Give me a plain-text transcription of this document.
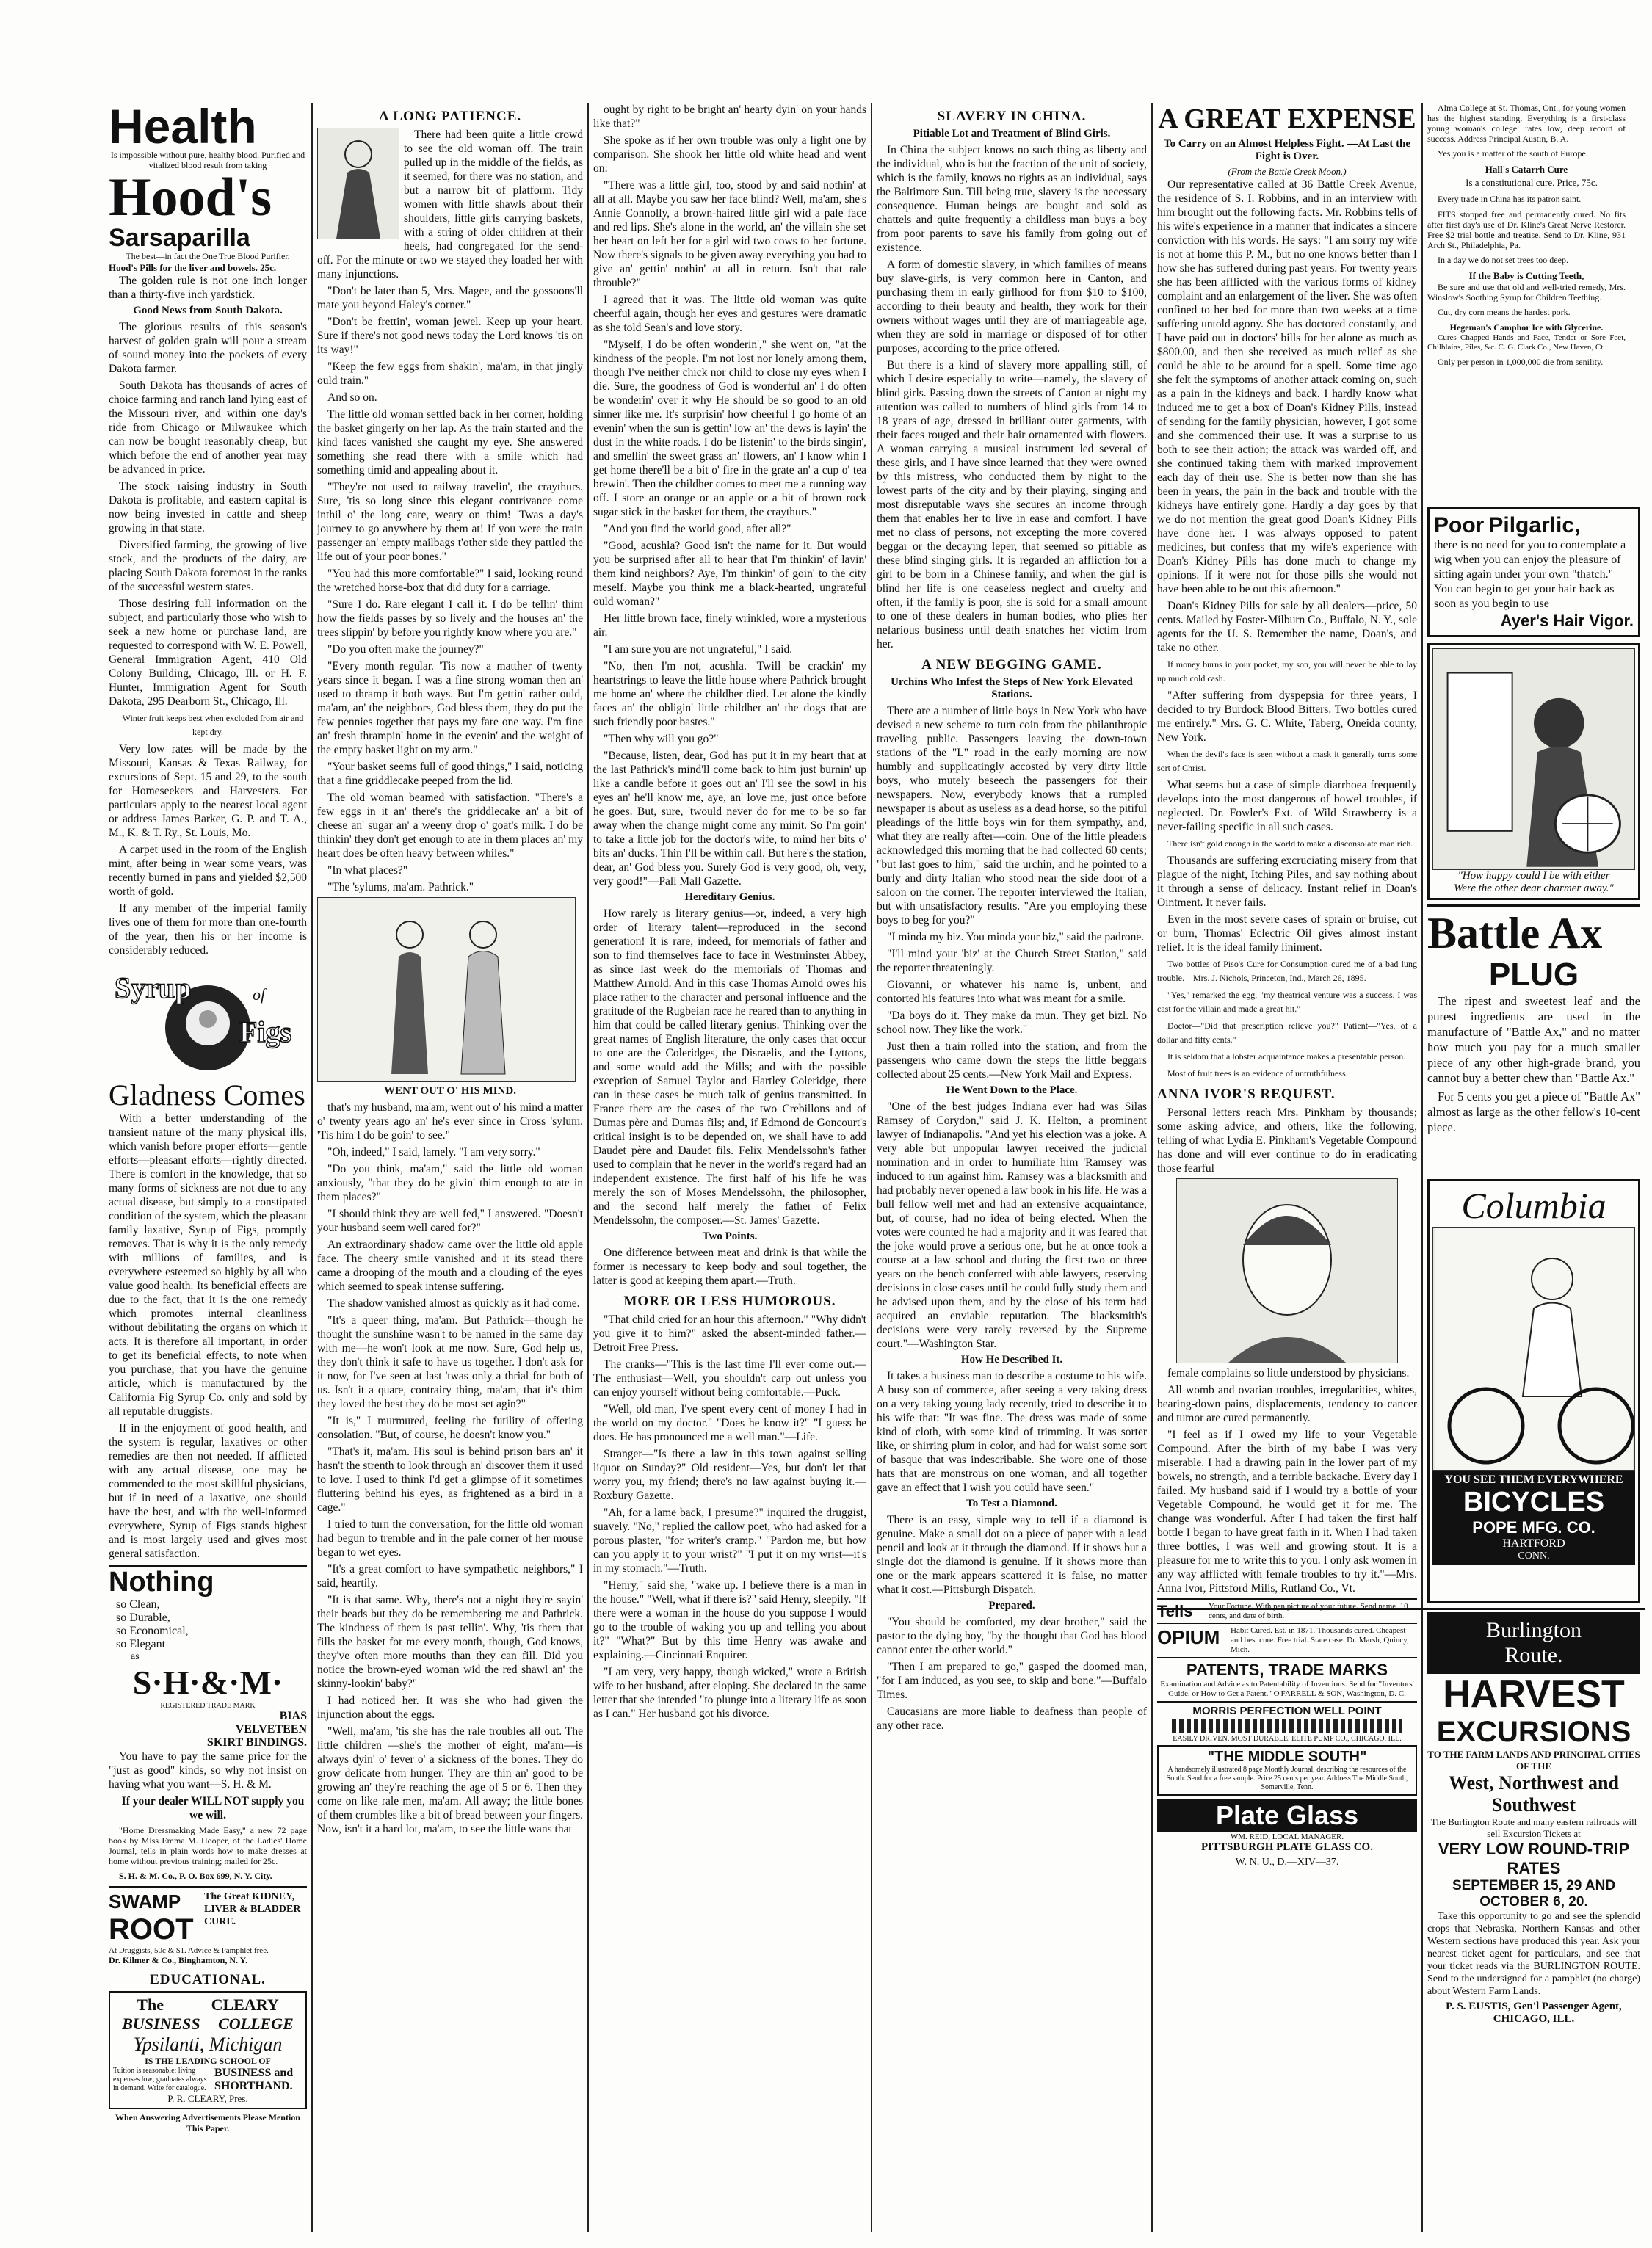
Health
Is impossible without pure, healthy blood. Purified and vitalized blood result from taking
Hood's
Sarsaparilla
The best—in fact the One True Blood Purifier.
Hood's Pills for the liver and bowels. 25c.

The golden rule is not one inch longer than a thirty-five inch yardstick.

Good News from South Dakota.

The glorious results of this season's harvest of golden grain will pour a stream of sound money into the pockets of every Dakota farmer.

South Dakota has thousands of acres of choice farming and ranch land lying east of the Missouri river, and within one day's ride from Chicago or Milwaukee which can now be bought reasonably cheap, but which before the end of another year may be advanced in price.

The stock raising industry in South Dakota is profitable, and eastern capital is now being invested in cattle and sheep growing in that state.

Diversified farming, the growing of live stock, and the products of the dairy, are placing South Dakota foremost in the ranks of the successful western states.

Those desiring full information on the subject, and particularly those who wish to seek a new home or purchase land, are requested to correspond with W. E. Powell, General Immigration Agent, 410 Old Colony Building, Chicago, Ill. or H. F. Hunter, Immigration Agent for South Dakota, 295 Dearborn St., Chicago, Ill.

Winter fruit keeps best when excluded from air and kept dry.

Very low rates will be made by the Missouri, Kansas & Texas Railway, for excursions of Sept. 15 and 29, to the south for Homeseekers and Harvesters. For particulars apply to the nearest local agent or address James Barker, G. P. and T. A., M., K. & T. Ry., St. Louis, Mo.

A carpet used in the room of the English mint, after being in wear some years, was recently burned in pans and yielded $2,500 worth of gold.

If any member of the imperial family lives one of them for more than one-fourth of the year, then his or her income is considerably reduced.

Syrup	of
Figs
Gladness Comes

With a better understanding of the transient nature of the many physical ills, which vanish before proper efforts—gentle efforts—pleasant efforts—rightly directed. There is comfort in the knowledge, that so many forms of sickness are not due to any actual disease, but simply to a constipated condition of the system, which the pleasant family laxative, Syrup of Figs, promptly removes. That is why it is the only remedy with millions of families, and is everywhere esteemed so highly by all who value good health. Its beneficial effects are due to the fact, that it is the one remedy which promotes internal cleanliness without debilitating the organs on which it acts. It is therefore all important, in order to get its beneficial effects, to note when you purchase, that you have the genuine article, which is manufactured by the California Fig Syrup Co. only and sold by all reputable druggists.

If in the enjoyment of good health, and the system is regular, laxatives or other remedies are then not needed. If afflicted with any actual disease, one may be commended to the most skillful physicians, but if in need of a laxative, one should have the best, and with the well-informed everywhere, Syrup of Figs stands highest and is most largely used and gives most general satisfaction.

Nothing
so Clean,
so Durable,
so Economical,
so Elegant
as
S·H·&·M·
REGISTERED TRADE MARK
BIAS
VELVETEEN
SKIRT BINDINGS.

You have to pay the same price for the "just as good" kinds, so why not insist on having what you want—S. H. & M.

If your dealer WILL NOT supply you we will.

"Home Dressmaking Made Easy," a new 72 page book by Miss Emma M. Hooper, of the Ladies' Home Journal, tells in plain words how to make dresses at home without previous training; mailed for 25c.

S. H. & M. Co., P. O. Box 699, N. Y. City.

SWAMP
ROOT
The Great KIDNEY, LIVER & BLADDER CURE.
At Druggists, 50c & $1. Advice & Pamphlet free.
Dr. Kilmer & Co., Binghamton, N. Y.
EDUCATIONAL.
The	CLEARY
BUSINESS COLLEGE
Ypsilanti, Michigan
IS THE LEADING SCHOOL OF
Tuition is reasonable; living expenses low; graduates always in demand. Write for catalogue.
BUSINESS and SHORTHAND.
P. R. CLEARY, Pres.
When Answering Advertisements Please Mention This Paper.
A LONG PATIENCE.

There had been quite a little crowd to see the old woman off. The train pulled up in the middle of the fields, as it seemed, for there was no station, and but a narrow bit of platform. Tidy women with little shawls about their shoulders, little girls carrying baskets, with a string of older children at their heels, had congregated for the send-off. For the minute or two we stayed they loaded her with many injunctions.

"Don't be later than 5, Mrs. Magee, and the gossoons'll mate you beyond Haley's corner."

"Don't be frettin', woman jewel. Keep up your heart. Sure if there's not good news today the Lord knows 'tis on its way!"

"Keep the few eggs from shakin', ma'am, in that jingly ould train."

And so on.

The little old woman settled back in her corner, holding the basket gingerly on her lap. As the train started and the kind faces vanished she caught my eye. She answered something she read there with a smile which had something timid and appealing about it.

"They're not used to railway travelin', the craythurs. Sure, 'tis so long since this elegant contrivance come inthil o' the long care, weary on thim! 'Twas a day's journey to go anywhere by them at! If you were the train passenger an' empty mailbags t'other side they pattled the life out of your poor bones."

"You had this more comfortable?" I said, looking round the wretched horse-box that did duty for a carriage.

"Sure I do. Rare elegant I call it. I do be tellin' thim how the fields passes by so lively and the houses an' the trees slippin' by before you rightly know where you are."

"Do you often make the journey?"

"Every month regular. 'Tis now a matther of twenty years since it began. I was a fine strong woman then an' used to thramp it both ways. But I'm gettin' rather ould, ma'am, an' the neighbors, God bless them, they do put the few pennies together that pays my fare one way. I'm fine an' fresh thrampin' home in the evenin' and the weight of the empty basket light on my arm."

"Your basket seems full of good things," I said, noticing that a fine griddlecake peeped from the lid.

The old woman beamed with satisfaction. "There's a few eggs in it an' there's the griddlecake an' a bit of cheese an' sugar an' a weeny drop o' goat's milk. I do be thinkin' they don't get enough to ate in them places an' my heart does be often heavy between whiles."

"In what places?"

"The 'sylums, ma'am. Pathrick."

WENT OUT O' HIS MIND.

that's my husband, ma'am, went out o' his mind a matter o' twenty years ago an' he's ever since in Cross 'sylum. 'Tis him I do be goin' to see."

"Oh, indeed," I said, lamely. "I am very sorry."

"Do you think, ma'am," said the little old woman anxiously, "that they do be givin' thim enough to ate in them places?"

"I should think they are well fed," I answered. "Doesn't your husband seem well cared for?"

An extraordinary shadow came over the little old apple face. The cheery smile vanished and it its stead there came a drooping of the mouth and a clouding of the eyes which seemed to speak intense suffering.

The shadow vanished almost as quickly as it had come.

"It's a queer thing, ma'am. But Pathrick—though he thought the sunshine wasn't to be named in the same day with me—he won't look at me now. Sure, God help us, they don't think it safe to have us together. I don't ask for it now, for I've seen at last 'twas only a thrial for both of us. Isn't it a quare, contrairy thing, ma'am, that it's thim they loved the best they do be most set agin?"

"It is," I murmured, feeling the futility of offering consolation. "But, of course, he doesn't know you."

"That's it, ma'am. His soul is behind prison bars an' it hasn't the strenth to look through an' discover them it used to love. I used to think I'd get a glimpse of it sometimes fluttering behind his eyes, as frightened as a bird in a cage."

I tried to turn the conversation, for the little old woman had begun to tremble and in the pale corner of her mouse began to wet eyes.

"It's a great comfort to have sympathetic neighbors," I said, heartily.

"It is that same. Why, there's not a night they're sayin' their beads but they do be remembering me and Pathrick. The kindness of them is past tellin'. Why, 'tis them that fills the basket for me every month, though, God knows, they've often more mouths than they can fill. Did you notice the brown-eyed woman wid the red shawl an' the skinny-lookin' baby?"

I had noticed her. It was she who had given the injunction about the eggs.

"Well, ma'am, 'tis she has the rale troubles all out. The little children —she's the mother of eight, ma'am—is always dyin' o' fever o' a sickness of the bones. They do grow delicate from hunger. They are thin an' good to be growing an' they're reaching the age of 5 or 6. Then they come on like rale men, ma'am. All away; the little bones of them crumbles like a bit of bread between your fingers. Now, isn't it a hard lot, ma'am, to see the little wans that

ought by right to be bright an' hearty dyin' on your hands like that?"

She spoke as if her own trouble was only a light one by comparison. She shook her little old white head and went on:

"There was a little girl, too, stood by and said nothin' at all at all. Maybe you saw her face blind? Well, ma'am, she's Annie Connolly, a brown-haired little girl wid a pale face and red lips. She's alone in the world, an' the villain she set her heart on left her for a girl wid two cows to her fortune. Now there's signals to be given away everything you had to give an' gettin' nothin' at all in return. Isn't that rale throuble?"

I agreed that it was. The little old woman was quite cheerful again, though her eyes and gestures were dramatic as she told Sean's and love story.

"Myself, I do be often wonderin'," she went on, "at the kindness of the people. I'm not lost nor lonely among them, though I've neither chick nor child to close my eyes when I die. Sure, the goodness of God is wonderful an' I do often be wonderin' over it why He should be so good to an old sinner like me. It's surprisin' how cheerful I go home of an evenin' when the sun is gettin' low an' the dews is layin' the dust in the white roads. I do be listenin' to the birds singin', and smellin' the sweet grass an' flowers, an' I know whin I get home there'll be a bit o' fire in the grate an' a cup o' tea brewin'. Then the childher comes to meet me a running way off. I store an orange or an apple or a bit of brown rock sugar stick in the basket for them, the craythurs."

"And you find the world good, after all?"

"Good, acushla? Good isn't the name for it. But would you be surprised after all to hear that I'm thinkin' of lavin' them kind neighbors? Aye, I'm thinkin' of goin' to the city meself. Maybe you think me a black-hearted, ungrateful ould woman?"

Her little brown face, finely wrinkled, wore a mysterious air.

"I am sure you are not ungrateful," I said.

"No, then I'm not, acushla. 'Twill be crackin' my heartstrings to leave the little house where Pathrick brought me home an' where the childher died. Let alone the kindly faces an' the obligin' little childher an' the dogs that are such friendly poor bastes."

"Then why will you go?"

"Because, listen, dear, God has put it in my heart that at the last Pathrick's mind'll come back to him just burnin' up like a candle before it goes out an' I'll see the sowl in his eyes an' he'll know me, aye, an' love me, just once before he goes. But, sure, 'twould never do for me to be so far away when the change might come any minit. So I'm goin' to take a little job for the doctor's wife, to mind her bits o' bits an' ducks. Thin I'll be within call. But here's the station, dear, an' God bless you. Surely God is very good, oh, very, very good!"—Pall Mall Gazette.

Hereditary Genius.

How rarely is literary genius—or, indeed, a very high order of literary talent—reproduced in the second generation! It is rare, indeed, for memorials of father and son to find themselves face to face in Westminster Abbey, as since last week do the memorials of Thomas and Matthew Arnold. And in this case Thomas Arnold owes his place rather to the character and personal influence and the gratitude of the Rugbeian race he reared than to anything in him that could be called literary genius. Thinking over the great names of English literature, the only cases that occur to one are the Coleridges, the Disraelis, and the Lyttons, and some would add the Mills; and with the possible exception of Samuel Taylor and Hartley Coleridge, there can in these cases be much talk of genius transmitted. In France there are the cases of the two Crebillons and of Dumas père and Dumas fils; and, if Edmond de Goncourt's critical insight is to be depended on, we shall have to add Daudet père and Daudet fils. Felix Mendelssohn's father used to complain that he never in the world's regard had an independent existence. The first half of his life he was merely the son of Moses Mendelssohn, the philosopher, and the second half merely the father of Felix Mendelssohn, the composer.—St. James' Gazette.

Two Points.

One difference between meat and drink is that while the former is necessary to keep body and soul together, the latter is good at keeping them apart.—Truth.

MORE OR LESS HUMOROUS.

"That child cried for an hour this afternoon." "Why didn't you give it to him?" asked the absent-minded father.—Detroit Free Press.

The cranks—"This is the last time I'll ever come out.—The enthusiast—Well, you shouldn't carp out unless you can enjoy yourself without being comfortable.—Puck.

"Well, old man, I've spent every cent of money I had in the world on my doctor." "Does he know it?" "I guess he does. He has pronounced me a well man."—Life.

Stranger—"Is there a law in this town against selling liquor on Sunday?" Old resident—Yes, but don't let that worry you, my friend; there's no law against buying it.—Roxbury Gazette.

"Ah, for a lame back, I presume?" inquired the druggist, suavely. "No," replied the callow poet, who had asked for a porous plaster, "for writer's cramp." "Pardon me, but how can you apply it to your wrist?" "I put it on my wrist—it's in my stomach."—Truth.

"Henry," said she, "wake up. I believe there is a man in the house." "Well, what if there is?" said Henry, sleepily. "If there were a woman in the house do you suppose I would go to the trouble of waking you up and telling you about it?" "What?" But by this time Henry was awake and explaining.—Cincinnati Enquirer.

"I am very, very happy, though wicked," wrote a British wife to her husband, after eloping. She declared in the same letter that she intended "to plunge into a literary life as soon as I can." Her husband got his divorce.

SLAVERY IN CHINA.
Pitiable Lot and Treatment of Blind Girls.

In China the subject knows no such thing as liberty and the individual, who is but the fraction of the unit of society, which is the family, knows no rights as an individual, says the Baltimore Sun. Till being true, slavery is the necessary consequence. Human beings are bought and sold as chattels and quite frequently a childless man buys a boy from poor parents to save his family from going out of existence.

A form of domestic slavery, in which families of means buy slave-girls, is very common here in Canton, and purchasing them in early girlhood for from $10 to $100, according to their beauty and health, they work for their owners without wages until they are of marriageable age, when they are sold in marriage or disposed of for other purposes, according to the price offered.

But there is a kind of slavery more appalling still, of which I desire especially to write—namely, the slavery of blind girls. Passing down the streets of Canton at night my attention was called to numbers of blind girls from 14 to 18 years of age, dressed in brilliant outer garments, with their faces rouged and their hair ornamented with flowers. A woman carrying a musical instrument led several of these girls, and I have since learned that they were owned by this mistress, who conducted them by night to the lowest parts of the city and by their playing, singing and most disreputable ways she secures an income through them that enables her to live in ease and comfort. I have met no class of persons, not excepting the more covered beggar or the decaying leper, that seemed so pitiable as these blind singing girls. It is regarded an affliction for a girl to be born in a Chinese family, and when the girl is blind her life is one ceaseless neglect and cruelty and often, if the family is poor, she is sold for a small amount to one of these dealers in human bodies, who plies her nefarious business until death snatches her victim from her.

A NEW BEGGING GAME.
Urchins Who Infest the Steps of New York Elevated Stations.

There are a number of little boys in New York who have devised a new scheme to turn coin from the philanthropic traveling public. Passengers leaving the down-town stations of the "L" road in the early morning are now humbly and supplicatingly accosted by very dirty little boys, who mutely beseech the passengers for their newspapers. Now, everybody knows that a rumpled newspaper is about as useless as a dead horse, so the pitiful pleadings of the little boys win for them sympathy, and, what they are really after—coin. One of the little pleaders acknowledged this morning that he had collected 60 cents; "but last goes to him," said the urchin, and he pointed to a burly and dirty Italian who stood near the side door of a saloon on the corner. The reporter interviewed the Italian, but with unsatisfactory results. "Are you employing these boys to beg for you?"

"I minda my biz. You minda your biz," said the padrone.

"I'll mind your 'biz' at the Church Street Station," said the reporter threateningly.

Giovanni, or whatever his name is, unbent, and contorted his features into what was meant for a smile.

"Da boys do it. They make da mun. They get bizl. No school now. They like the work."

Just then a train rolled into the station, and from the passengers who came down the steps the little beggars collected about 25 cents.—New York Mail and Express.

He Went Down to the Place.

"One of the best judges Indiana ever had was Silas Ramsey of Corydon," said J. K. Helton, a prominent lawyer of Indianapolis. "And yet his election was a joke. A very able but unpopular lawyer received the judicial nomination and in order to humiliate him 'Ramsey' was induced to run against him. Ramsey was a blacksmith and had probably never opened a law book in his life. He was a bull fellow well met and had an extensive acquaintance, but, of course, had no idea of being elected. When the votes were counted he had a majority and it was feared that the joke would prove a serious one, but he at once took a course at a law school and during the first two or three years on the bench conferred with able lawyers, reserving decisions in close cases until he could fully study them and he advised upon them, and by the close of his term had acquired an enviable reputation. The blacksmith's decisions were very rarely reversed by the Supreme court."—Washington Star.

How He Described It.

It takes a business man to describe a costume to his wife. A busy son of commerce, after seeing a very taking dress on a very taking young lady recently, tried to describe it to his wife that: "It was fine. The dress was made of some kind of cloth, with some kind of trimming. It was sorter like, or shirring plum in color, and had for waist some sort of basque that was indescribable. She wore one of those hats that are monstrous on one woman, and all together gave an effect that I wish you could have seen."

To Test a Diamond.

There is an easy, simple way to tell if a diamond is genuine. Make a small dot on a piece of paper with a lead pencil and look at it through the diamond. If it shows but a single dot the diamond is genuine. If it shows more than one or the mark appears scattered it is false, no matter what it cost.—Pittsburgh Dispatch.

Prepared.

"You should be comforted, my dear brother," said the pastor to the dying boy, "by the thought that God has blood cannot enter the other world."

"Then I am prepared to go," gasped the doomed man, "for I am induced, as you see, to skip and bone."—Buffalo Times.

Caucasians are more liable to deafness than people of any other race.

A GREAT EXPENSE
To Carry on an Almost Helpless Fight. —At Last the Fight is Over.
(From the Battle Creek Moon.)

Our representative called at 36 Battle Creek Avenue, the residence of S. I. Robbins, and in an interview with him brought out the following facts. Mr. Robbins tells of his wife's experience in a manner that indicates a sincere conviction with his words. He says: "I am sorry my wife is not at home this P. M., but no one knows better than I how she has suffered during past years. For twenty years she has been afflicted with the various forms of kidney complaint and an enlargement of the liver. She was often confined to her bed for more than two weeks at a time suffering untold agony. She has doctored constantly, and I have paid out in doctors' bills for her alone as much as $800.00, and then she received as much relief as she could be able to be around for a spell. Some time ago she felt the symptoms of another attack coming on, such as a pain in the kidneys and back. I hardly know what induced me to get a box of Doan's Kidney Pills, instead of sending for the family physician, however, I got some and she commenced their use. It was a surprise to us both to see their action; the attack was warded off, and she continued taking them with marked improvement each day of their use. She is better now than she has been in years, the pain in the back and trouble with the kidneys have entirely gone. Hardly a day goes by that we do not mention the great good Doan's Kidney Pills have done her. I was always opposed to patent medicines, but confess that my wife's experience with Doan's Kidney Pills has done much to change my opinions. If it were not for those pills she would not have been able to be out this afternoon."

Doan's Kidney Pills for sale by all dealers—price, 50 cents. Mailed by Foster-Milburn Co., Buffalo, N. Y., sole agents for the U. S. Remember the name, Doan's, and take no other.

If money burns in your pocket, my son, you will never be able to lay up much cold cash.

"After suffering from dyspepsia for three years, I decided to try Burdock Blood Bitters. Two bottles cured me entirely." Mrs. G. C. White, Taberg, Oneida county, New York.

When the devil's face is seen without a mask it generally turns some sort of Christ.

What seems but a case of simple diarrhoea frequently develops into the most dangerous of bowel troubles, if neglected. Dr. Fowler's Ext. of Wild Strawberry is a never-failing specific in all such cases.

There isn't gold enough in the world to make a disconsolate man rich.

Thousands are suffering excruciating misery from that plague of the night, Itching Piles, and say nothing about it through a sense of delicacy. Instant relief in Doan's Ointment. It never fails.

Even in the most severe cases of sprain or bruise, cut or burn, Thomas' Eclectric Oil gives almost instant relief. It is the ideal family liniment.

Two bottles of Piso's Cure for Consumption cured me of a bad lung trouble.—Mrs. J. Nichols, Princeton, Ind., March 26, 1895.

"Yes," remarked the egg, "my theatrical venture was a success. I was cast for the villain and made a great hit."

Doctor—"Did that prescription relieve you?" Patient—"Yes, of a dollar and fifty cents."

It is seldom that a lobster acquaintance makes a presentable person.

Most of fruit trees is an evidence of untruthfulness.

ANNA IVOR'S REQUEST.

Personal letters reach Mrs. Pinkham by thousands; some asking advice, and others, like the following, telling of what Lydia E. Pinkham's Vegetable Compound has done and will ever continue to do in eradicating those fearful

female complaints so little understood by physicians.

All womb and ovarian troubles, irregularities, whites, bearing-down pains, displacements, tendency to cancer and tumor are cured permanently.

"I feel as if I owed my life to your Vegetable Compound. After the birth of my babe I was very miserable. I had a drawing pain in the lower part of my bowels, no strength, and a terrible backache. Every day I failed. My husband said if I would try a bottle of your Vegetable Compound, he would get it for me. The change was wonderful. After I had taken the first half bottle I began to have great faith in it. When I had taken three bottles, I was well and growing stout. It is a pleasure for me to write this to you. I only ask women in any way afflicted with female troubles to try it."—Mrs. Anna Ivor, Pittsford Mills, Rutland Co., Vt.

Tells	Your Fortune. With pen picture of your future. Send name, 10 cents, and date of birth.
OPIUM	Habit Cured. Est. in 1871. Thousands cured. Cheapest and best cure. Free trial. State case. Dr. Marsh, Quincy, Mich.
PATENTS, TRADE MARKS
Examination and Advice as to Patentability of Inventions. Send for "Inventors' Guide, or How to Get a Patent." O'FARRELL & SON, Washington, D. C.
MORRIS PERFECTION WELL POINT
EASILY DRIVEN. MOST DURABLE. ELITE PUMP CO., CHICAGO, ILL.
"THE MIDDLE SOUTH"
A handsomely illustrated 8 page Monthly Journal, describing the resources of the South. Send for a free sample. Price 25 cents per year. Address The Middle South, Somerville, Tenn.
Plate Glass
WM. REID, LOCAL MANAGER.
PITTSBURGH PLATE GLASS CO.
W. N. U., D.—XIV—37.

Alma College at St. Thomas, Ont., for young women has the highest standing. Everything is a first-class young woman's college: rates low, deep record of success. Address Principal Austin, B. A.

Yes you is a matter of the south of Europe.

Hall's Catarrh Cure

Is a constitutional cure. Price, 75c.

Every trade in China has its patron saint.

FITS stopped free and permanently cured. No fits after first day's use of Dr. Kline's Great Nerve Restorer. Free $2 trial bottle and treatise. Send to Dr. Kline, 931 Arch St., Philadelphia, Pa.

In a day we do not set trees too deep.

If the Baby is Cutting Teeth,

Be sure and use that old and well-tried remedy, Mrs. Winslow's Soothing Syrup for Children Teething.

Cut, dry corn means the hardest pork.

Hegeman's Camphor Ice with Glycerine.

Cures Chapped Hands and Face, Tender or Sore Feet, Chilblains, Piles, &c. C. G. Clark Co., New Haven, Ct.

Only per person in 1,000,000 die from senility.

Poor Pilgarlic,
there is no need for you to contemplate a wig when you can enjoy the pleasure of sitting again under your own "thatch." You can begin to get your hair back as soon as you begin to use
Ayer's Hair Vigor.
"How happy could I be with either
Were the other dear charmer away."
Battle Ax
PLUG

The ripest and sweetest leaf and the purest ingredients are used in the manufacture of "Battle Ax," and no matter how much you pay for a much smaller piece of any other high-grade brand, you cannot buy a better chew than "Battle Ax."

For 5 cents you get a piece of "Battle Ax" almost as large as the other fellow's 10-cent piece.

Columbia
YOU SEE THEM EVERYWHERE
BICYCLES
POPE MFG. CO.
HARTFORD
CONN.
Burlington
Route.
HARVEST
EXCURSIONS
TO THE FARM LANDS AND PRINCIPAL CITIES OF THE
West, Northwest and Southwest
The Burlington Route and many eastern railroads will sell Excursion Tickets at
VERY LOW ROUND-TRIP RATES
SEPTEMBER 15, 29 AND OCTOBER 6, 20.

Take this opportunity to go and see the splendid crops that Nebraska, Northern Kansas and other Western sections have produced this year. Ask your nearest ticket agent for particulars, and see that your ticket reads via the BURLINGTON ROUTE. Send to the undersigned for a pamphlet (no charge) about Western Farm Lands.

P. S. EUSTIS, Gen'l Passenger Agent, CHICAGO, ILL.
